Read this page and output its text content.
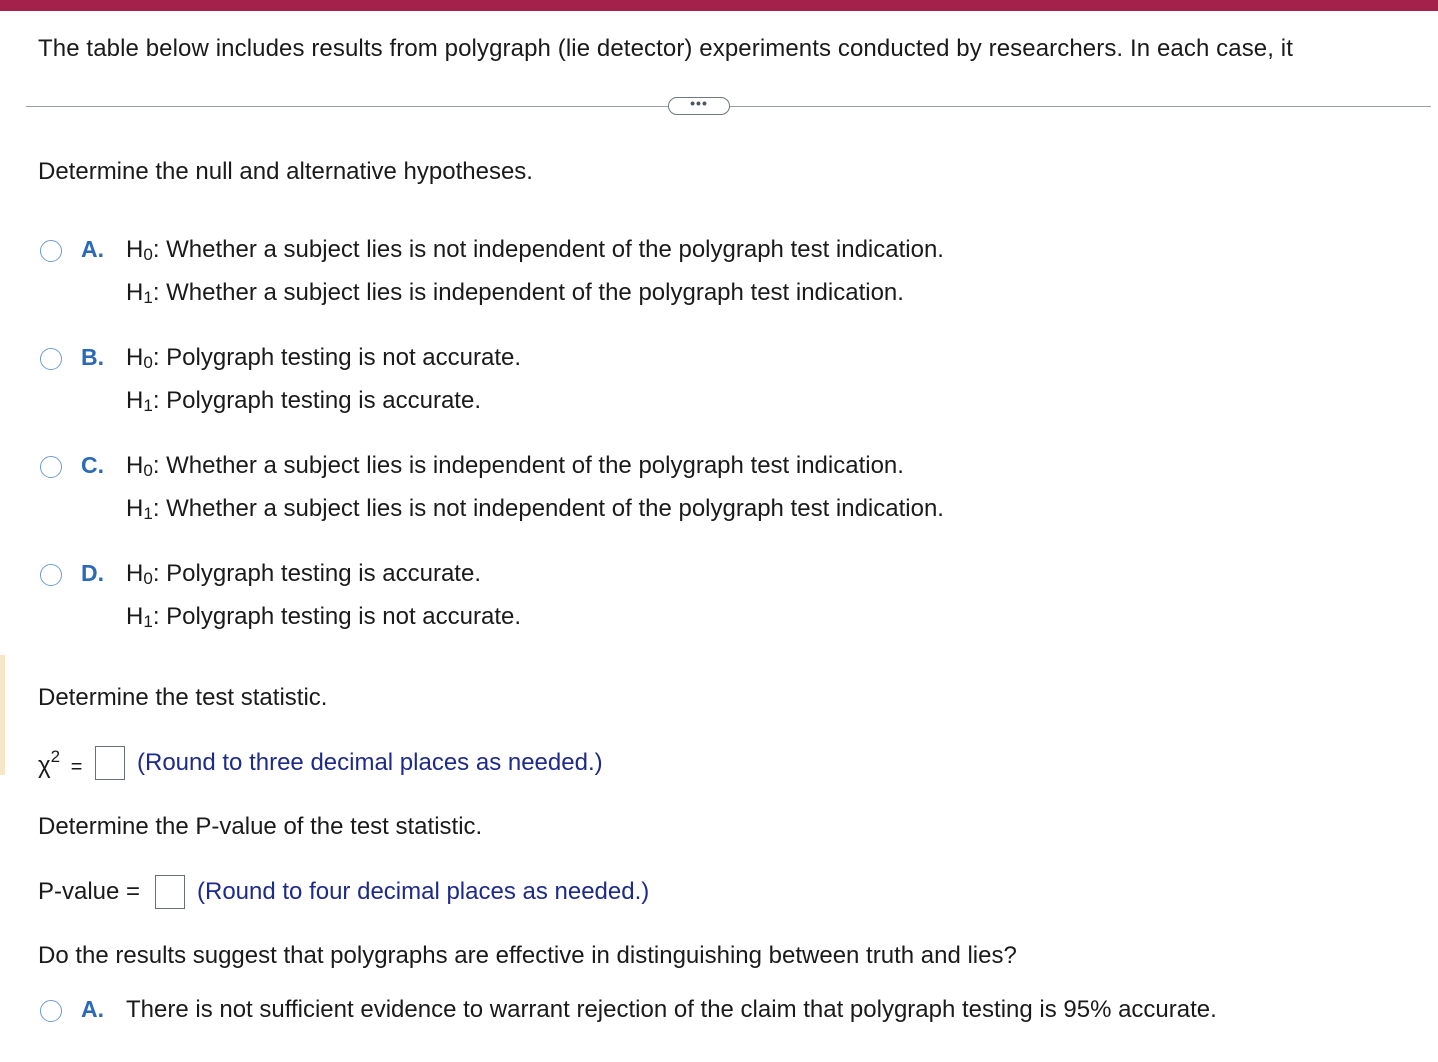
The table below includes results from polygraph (lie detector) experiments conducted by researchers. In each case, it
•••
Determine the null and alternative hypotheses.
A. $H_0$: Whether a subject lies is not independent of the polygraph test indication.
$H_1$: Whether a subject lies is independent of the polygraph test indication.
B. $H_0$: Polygraph testing is not accurate.
$H_1$: Polygraph testing is accurate.
C. $H_0$: Whether a subject lies is independent of the polygraph test indication.
$H_1$: Whether a subject lies is not independent of the polygraph test indication.
D. $H_0$: Polygraph testing is accurate.
$H_1$: Polygraph testing is not accurate.
Determine the test statistic.
$\chi^2$ = (Round to three decimal places as needed.)
Determine the P-value of the test statistic.
P-value = (Round to four decimal places as needed.)
Do the results suggest that polygraphs are effective in distinguishing between truth and lies?
A. There is not sufficient evidence to warrant rejection of the claim that polygraph testing is 95% accurate.
